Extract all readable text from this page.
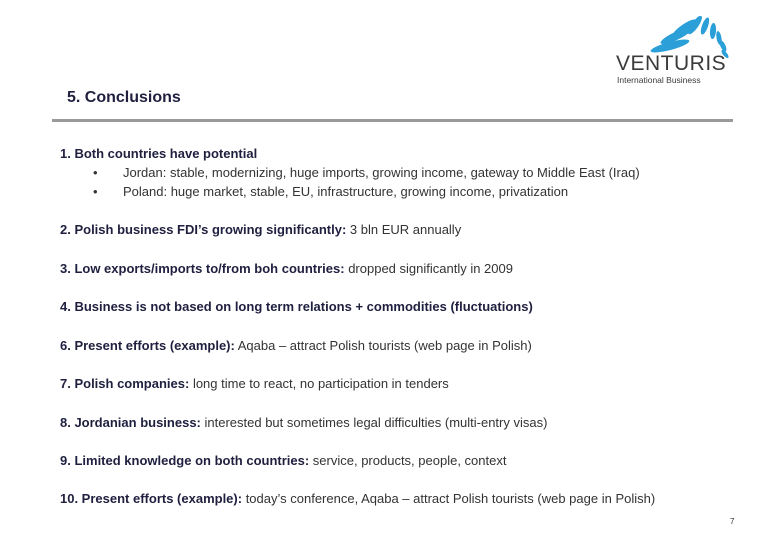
VENTURIS
International Business
5. Conclusions
1. Both countries have potential
• Jordan: stable, modernizing, huge imports, growing income, gateway to Middle East (Iraq)
• Poland: huge market, stable, EU, infrastructure, growing income, privatization
2. Polish business FDI’s growing significantly: 3 bln EUR annually
3. Low exports/imports to/from boh countries: dropped significantly in 2009
4. Business is not based on long term relations + commodities (fluctuations)
6. Present efforts (example): Aqaba – attract Polish tourists (web page in Polish)
7. Polish companies: long time to react, no participation in tenders
8. Jordanian business: interested but sometimes legal difficulties (multi-entry visas)
9. Limited knowledge on both countries: service, products, people, context
10. Present efforts (example): today’s conference, Aqaba – attract Polish tourists (web page in Polish)
7
